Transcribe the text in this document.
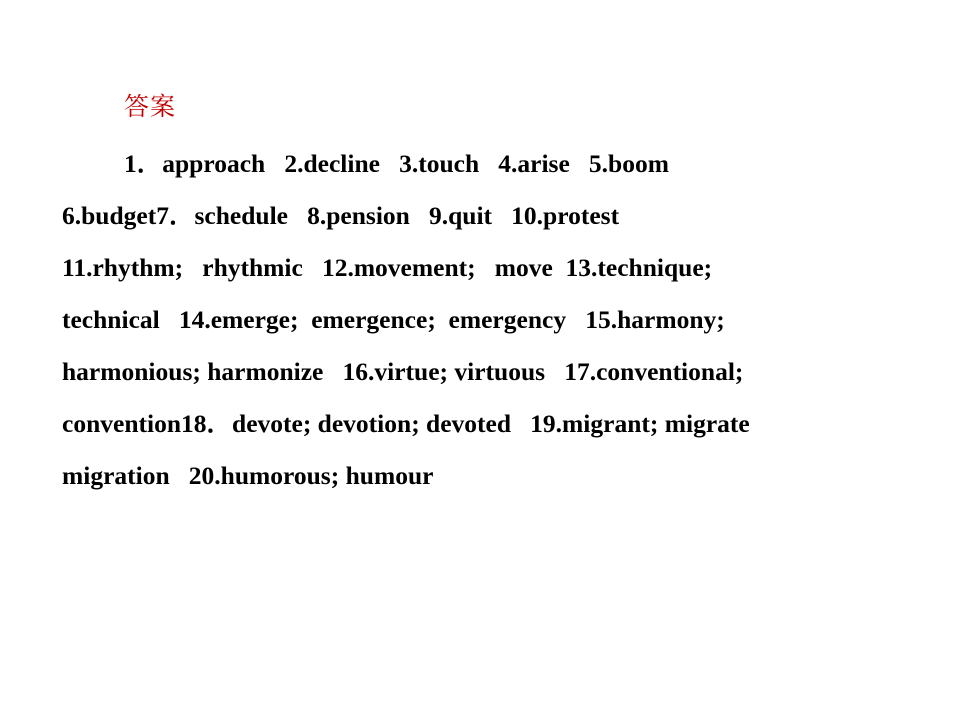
答案
1．approach   2.decline   3.touch   4.arise   5.boom
6.budget7．schedule   8.pension   9.quit   10.protest
11.rhythm;   rhythmic   12.movement;   move  13.technique;
technical   14.emerge;  emergence;  emergency   15.harmony;
harmonious; harmonize   16.virtue; virtuous   17.conventional;
convention18．devote; devotion; devoted   19.migrant; migrate
migration   20.humorous; humour
